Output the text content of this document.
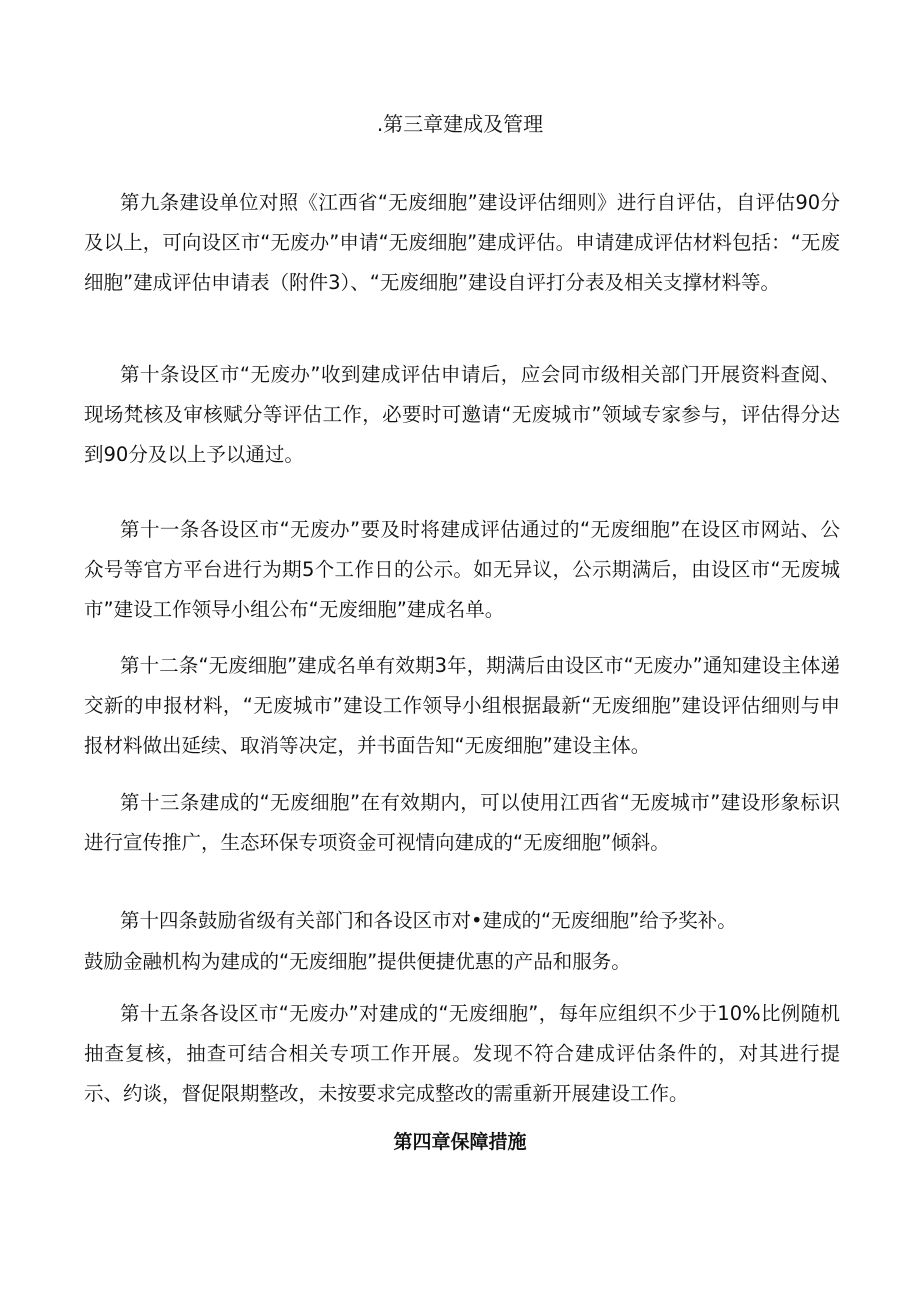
.第三章建成及管理
第九条建设单位对照《江西省“无废细胞”建设评估细则》进行自评估，自评估90分及以上，可向设区市“无废办”申请“无废细胞”建成评估。申请建成评估材料包括：“无废细胞”建成评估申请表（附件3）、“无废细胞”建设自评打分表及相关支撑材料等。
第十条设区市“无废办”收到建成评估申请后，应会同市级相关部门开展资料查阅、现场梵核及审核赋分等评估工作，必要时可邀请“无废城市”领域专家参与，评估得分达到90分及以上予以通过。
第十一条各设区市“无废办”要及时将建成评估通过的“无废细胞”在设区市网站、公众号等官方平台进行为期5个工作日的公示。如无异议，公示期满后，由设区市“无废城市”建设工作领导小组公布“无废细胞”建成名单。
第十二条“无废细胞”建成名单有效期3年，期满后由设区市“无废办”通知建设主体递交新的申报材料，“无废城市”建设工作领导小组根据最新“无废细胞”建设评估细则与申报材料做出延续、取消等决定，并书面告知“无废细胞”建设主体。
第十三条建成的“无废细胞”在有效期内，可以使用江西省“无废城市”建设形象标识进行宣传推广，生态环保专项资金可视情向建成的“无废细胞”倾斜。
第十四条鼓励省级有关部门和各设区市对•建成的“无废细胞”给予奖补。
鼓励金融机构为建成的“无废细胞”提供便捷优惠的产品和服务。
第十五条各设区市“无废办”对建成的“无废细胞”，每年应组织不少于10%比例随机抽查复核，抽查可结合相关专项工作开展。发现不符合建成评估条件的，对其进行提示、约谈，督促限期整改，未按要求完成整改的需重新开展建设工作。
第四章保障措施
